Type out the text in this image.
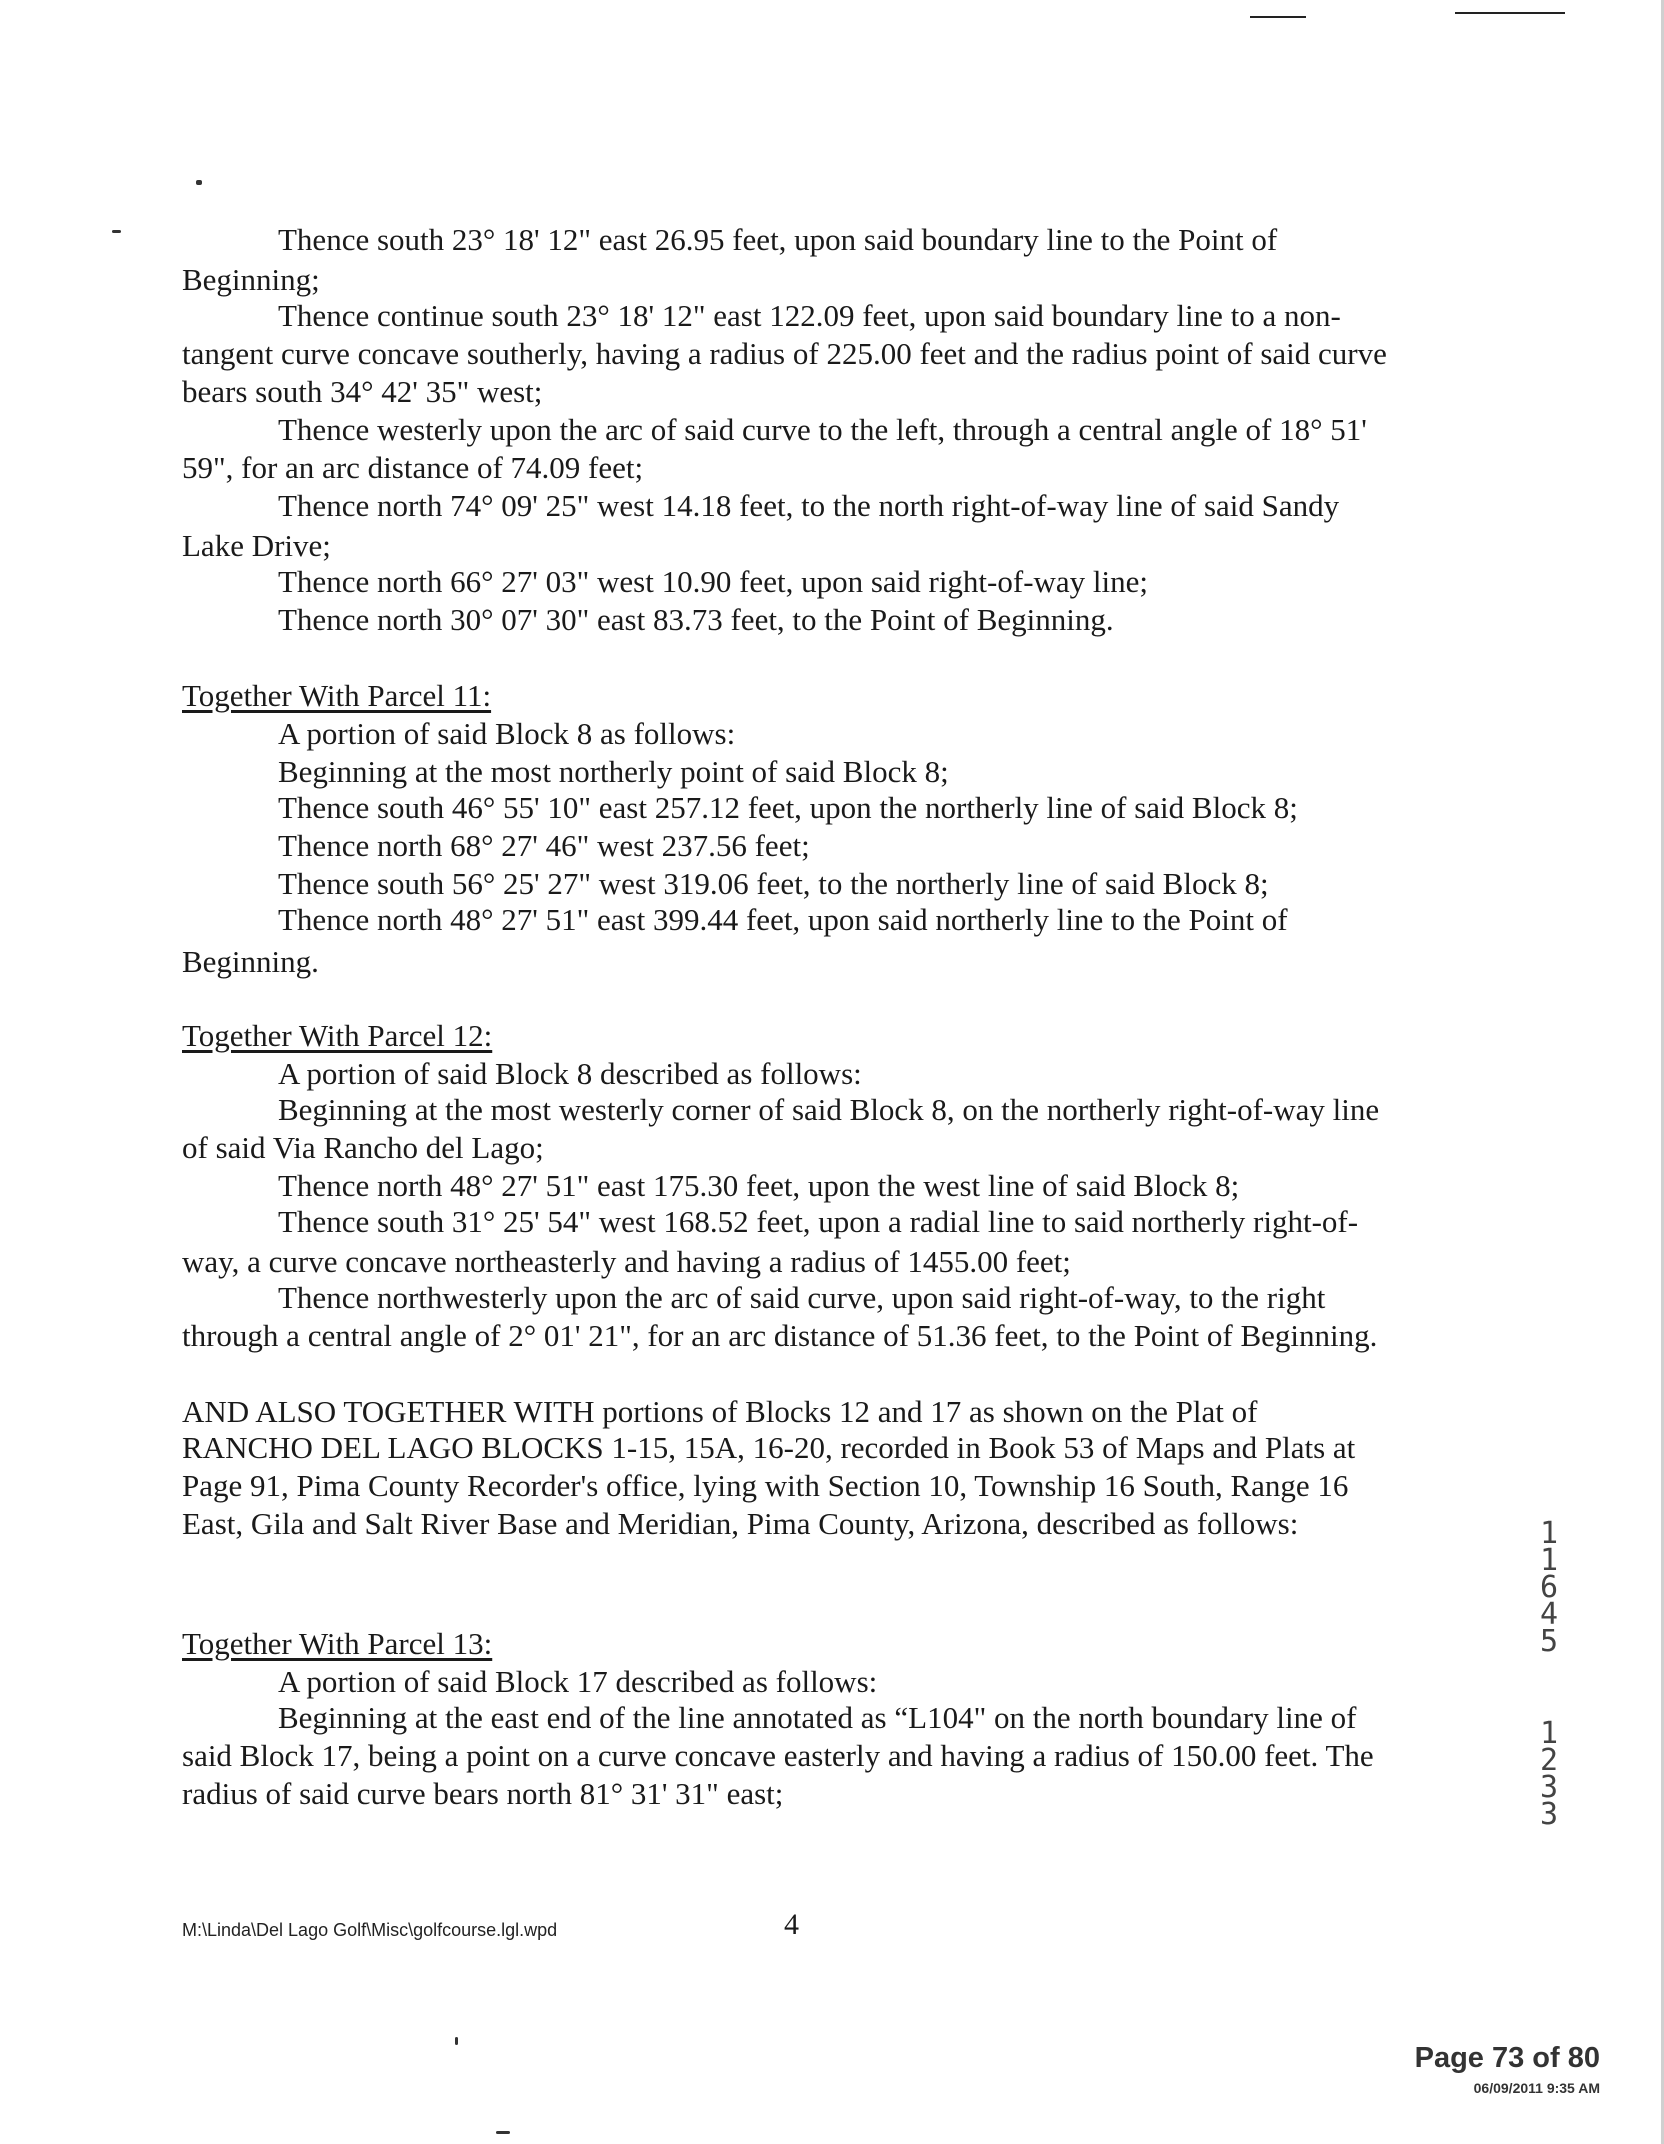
Thence south 23° 18' 12" east 26.95 feet, upon said boundary line to the Point of
Beginning;
Thence continue south 23° 18' 12" east 122.09 feet, upon said boundary line to a non-
tangent curve concave southerly, having a radius of 225.00 feet and the radius point of said curve
bears south 34° 42' 35" west;
Thence westerly upon the arc of said curve to the left, through a central angle of 18° 51'
59", for an arc distance of 74.09 feet;
Thence north 74° 09' 25" west 14.18 feet, to the north right-of-way line of said Sandy
Lake Drive;
Thence north 66° 27' 03" west 10.90 feet, upon said right-of-way line;
Thence north 30° 07' 30" east 83.73 feet, to the Point of Beginning.
Together With Parcel 11:
A portion of said Block 8 as follows:
Beginning at the most northerly point of said Block 8;
Thence south 46° 55' 10" east 257.12 feet, upon the northerly line of said Block 8;
Thence north 68° 27' 46" west 237.56 feet;
Thence south 56° 25' 27" west 319.06 feet, to the northerly line of said Block 8;
Thence north 48° 27' 51" east 399.44 feet, upon said northerly line to the Point of
Beginning.
Together With Parcel 12:
A portion of said Block 8 described as follows:
Beginning at the most westerly corner of said Block 8, on the northerly right-of-way line
of said Via Rancho del Lago;
Thence north 48° 27' 51" east 175.30 feet, upon the west line of said Block 8;
Thence south 31° 25' 54" west 168.52 feet, upon a radial line to said northerly right-of-
way, a curve concave northeasterly and having a radius of 1455.00 feet;
Thence northwesterly upon the arc of said curve, upon said right-of-way, to the right
through a central angle of 2° 01' 21", for an arc distance of 51.36 feet, to the Point of Beginning.
AND ALSO TOGETHER WITH portions of Blocks 12 and 17 as shown on the Plat of
RANCHO DEL LAGO BLOCKS 1-15, 15A, 16-20, recorded in Book 53 of Maps and Plats at
Page 91, Pima County Recorder's office, lying with Section 10, Township 16 South, Range 16
East, Gila and Salt River Base and Meridian, Pima County, Arizona, described as follows:
Together With Parcel 13:
A portion of said Block 17 described as follows:
Beginning at the east end of the line annotated as “L104" on the north boundary line of
said Block 17, being a point on a curve concave easterly and having a radius of 150.00 feet. The
radius of said curve bears north 81° 31' 31" east;
M:\Linda\Del Lago Golf\Misc\golfcourse.lgl.wpd	4
Page 73 of 80
06/09/2011 9:35 AM
1
1
6
4
5
1
2
3
3
